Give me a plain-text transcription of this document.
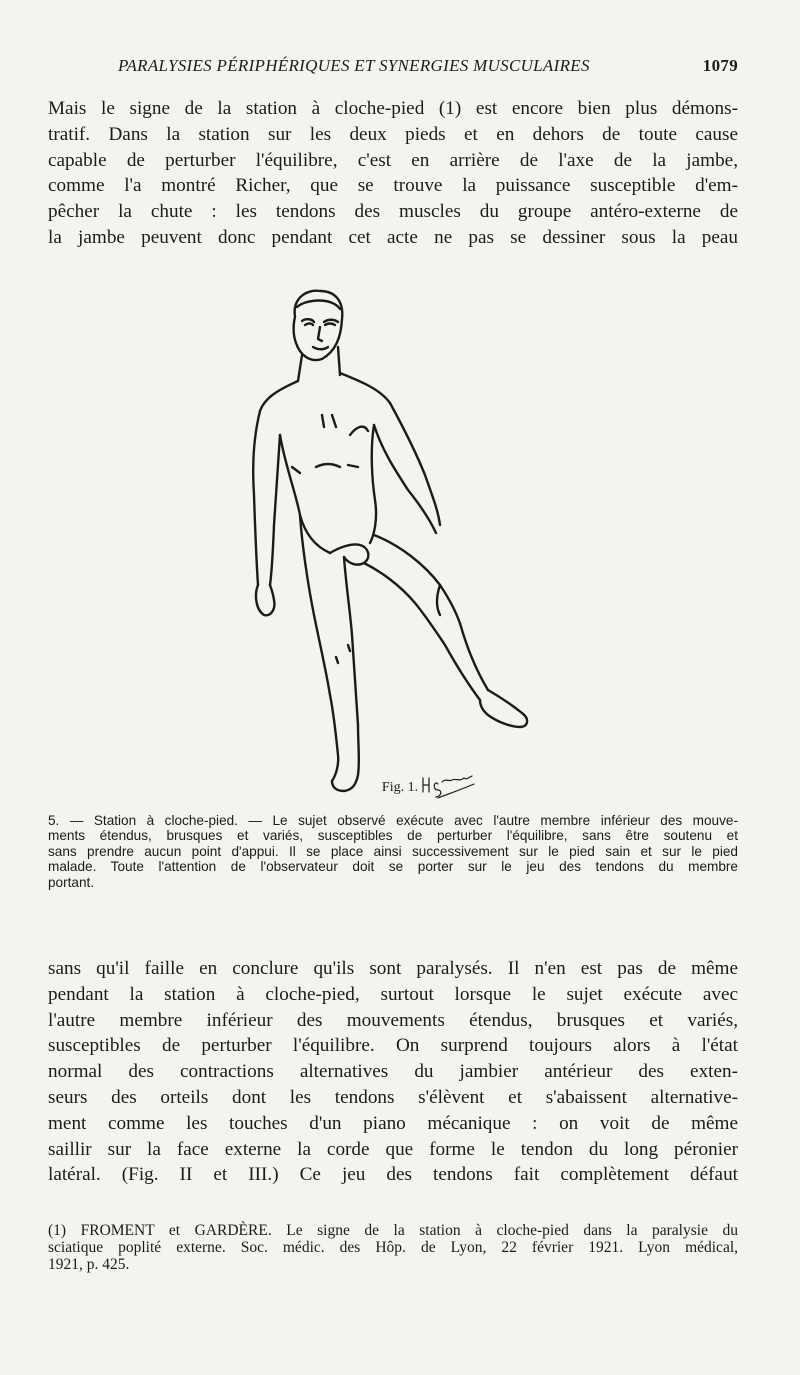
PARALYSIES PÉRIPHÉRIQUES ET SYNERGIES MUSCULAIRES	1079
Mais le signe de la station à cloche-pied (1) est encore bien plus démons-
tratif. Dans la station sur les deux pieds et en dehors de toute cause
capable de perturber l'équilibre, c'est en arrière de l'axe de la jambe,
comme l'a montré Richer, que se trouve la puissance susceptible d'em-
pêcher la chute : les tendons des muscles du groupe antéro-externe de
la jambe peuvent donc pendant cet acte ne pas se dessiner sous la peau
Fig. 1.
5. — Station à cloche-pied. — Le sujet observé exécute avec l'autre membre inférieur des mouve-
ments étendus, brusques et variés, susceptibles de perturber l'équilibre, sans être soutenu et
sans prendre aucun point d'appui. Il se place ainsi successivement sur le pied sain et sur le pied
malade. Toute l'attention de l'observateur doit se porter sur le jeu des tendons du membre
portant.
sans qu'il faille en conclure qu'ils sont paralysés. Il n'en est pas de même
pendant la station à cloche-pied, surtout lorsque le sujet exécute avec
l'autre membre inférieur des mouvements étendus, brusques et variés,
susceptibles de perturber l'équilibre. On surprend toujours alors à l'état
normal des contractions alternatives du jambier antérieur des exten-
seurs des orteils dont les tendons s'élèvent et s'abaissent alternative-
ment comme les touches d'un piano mécanique : on voit de même
saillir sur la face externe la corde que forme le tendon du long péronier
latéral. (Fig. II et III.) Ce jeu des tendons fait complètement défaut
(1) FROMENT et GARDÈRE. Le signe de la station à cloche-pied dans la paralysie du
sciatique poplité externe. Soc. médic. des Hôp. de Lyon, 22 février 1921. Lyon médical,
1921, p. 425.
